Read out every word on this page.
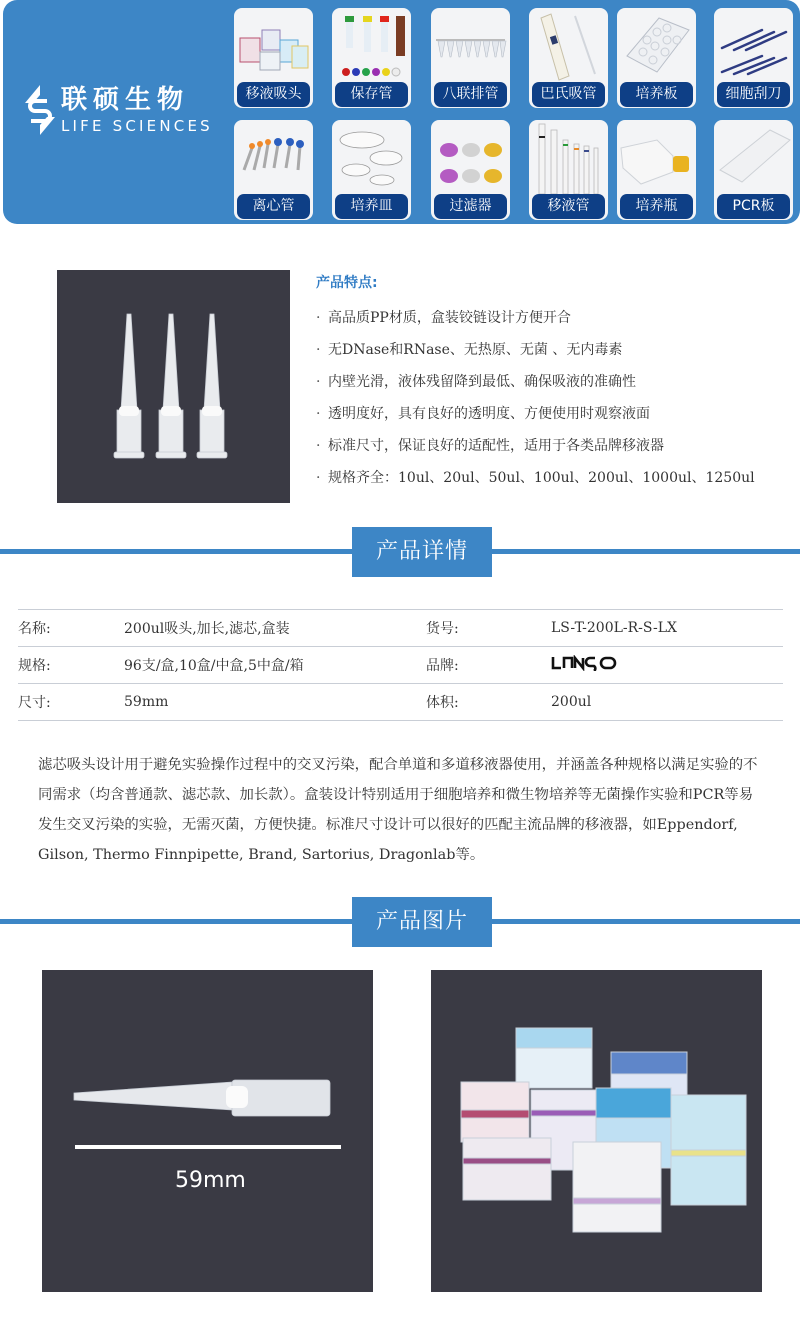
联硕生物
LIFE SCIENCES
移液吸头	保存管	八联排管	巴氏吸管	培养板	细胞刮刀
离心管	培养皿	过滤器	移液管	培养瓶	PCR板
产品特点:
· 高品质PP材质，盒装铰链设计方便开合
· 无DNase和RNase、无热原、无菌 、无内毒素
· 内壁光滑，液体残留降到最低、确保吸液的准确性
· 透明度好，具有良好的透明度、方便使用时观察液面
· 标准尺寸，保证良好的适配性，适用于各类品牌移液器
· 规格齐全：10ul、20ul、50ul、100ul、200ul、1000ul、1250ul
产品详情
名称:	200ul吸头,加长,滤芯,盒装	货号:	LS-T-200L-R-S-LX
规格:	96支/盒,10盒/中盒,5中盒/箱	品牌:
尺寸:	59mm	体积:	200ul

滤芯吸头设计用于避免实验操作过程中的交叉污染，配合单道和多道移液器使用，并涵盖各种规格以满足实验的不同需求（均含普通款、滤芯款、加长款）。盒装设计特别适用于细胞培养和微生物培养等无菌操作实验和PCR等易发生交叉污染的实验，无需灭菌，方便快捷。标准尺寸设计可以很好的匹配主流品牌的移液器，如Eppendorf, Gilson, Thermo Finnpipette, Brand, Sartorius, Dragonlab等。

产品图片
59mm
